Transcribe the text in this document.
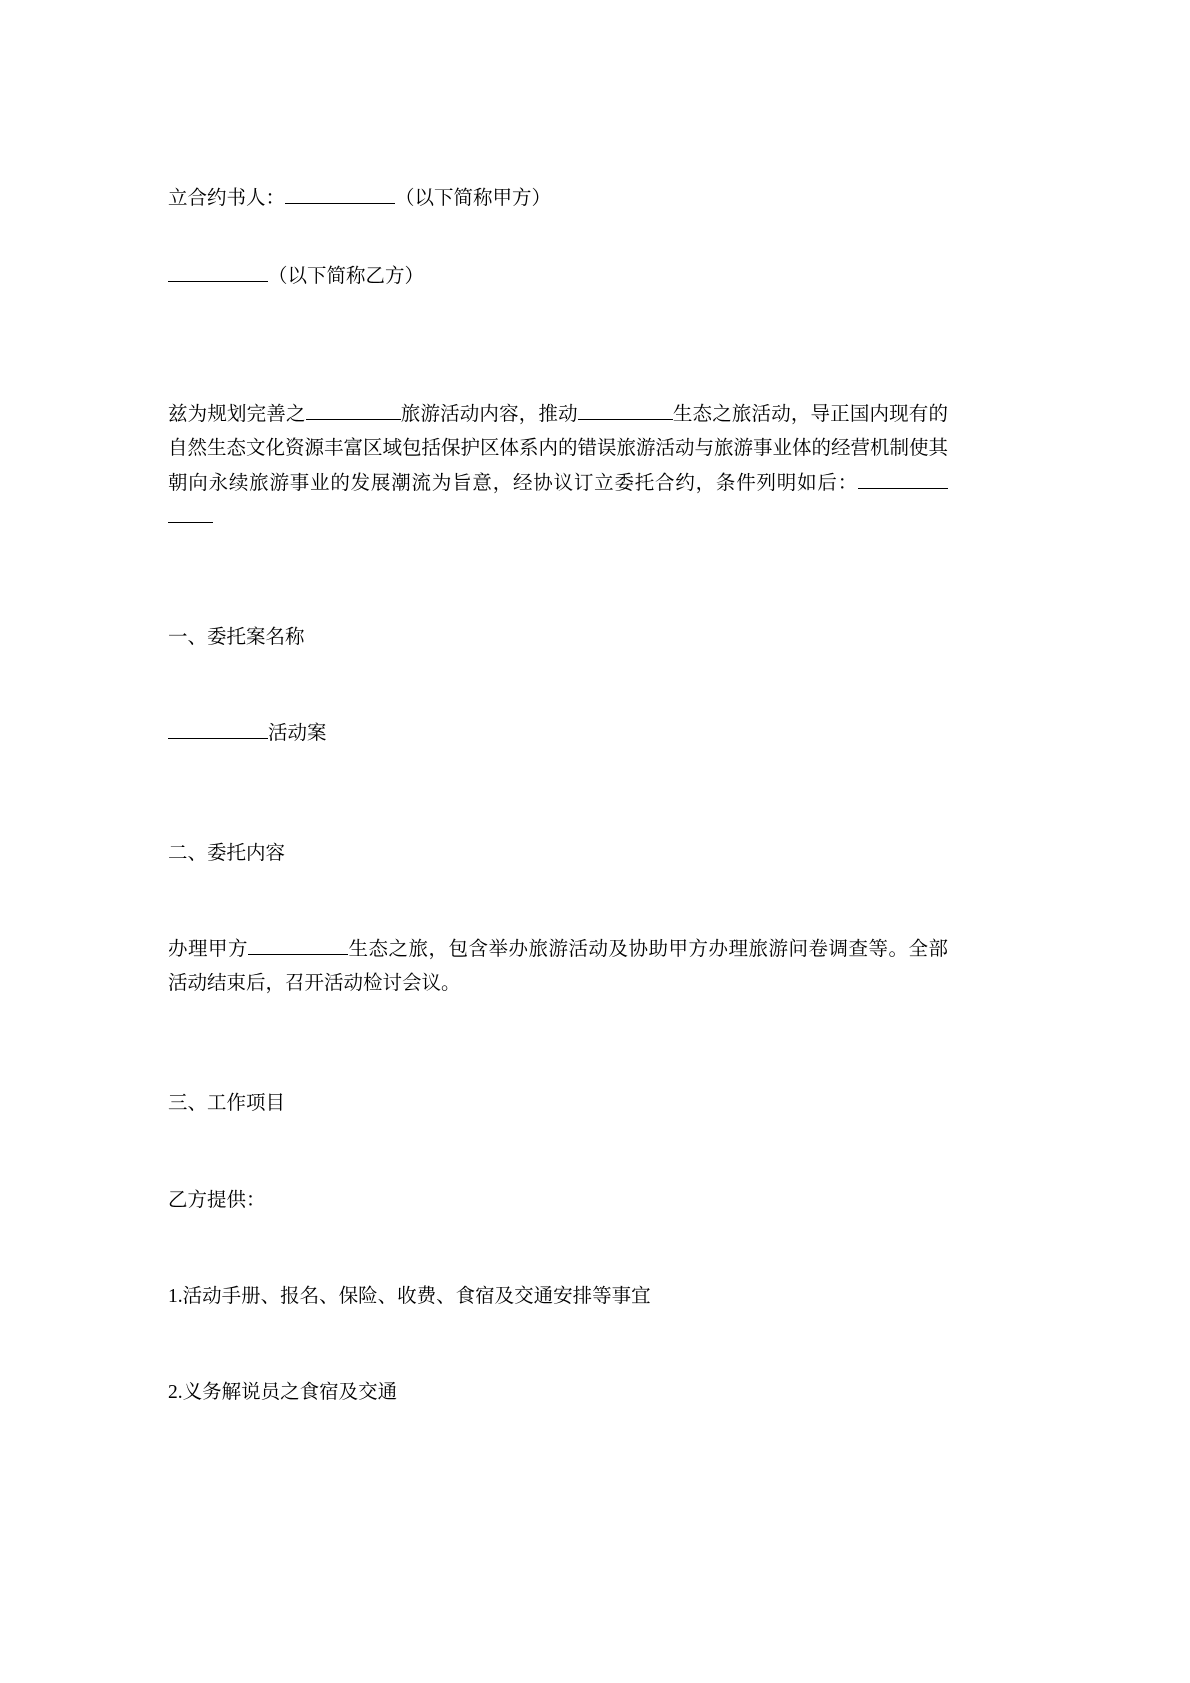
立合约书人：	（以下简称甲方）

（以下简称乙方）

兹为规划完善之	旅游活动内容，推动	生态之旅活动，导正国内现有的自然生态文化资源丰富区域包括保护区体系内的错误旅游活动与旅游事业体的经营机制使其朝向永续旅游事业的发展潮流为旨意，经协议订立委托合约，条件列明如后：

一、委托案名称

活动案

二、委托内容

办理甲方	生态之旅，包含举办旅游活动及协助甲方办理旅游问卷调查等。全部活动结束后，召开活动检讨会议。

三、工作项目

乙方提供：

1.活动手册、报名、保险、收费、食宿及交通安排等事宜

2.义务解说员之食宿及交通
